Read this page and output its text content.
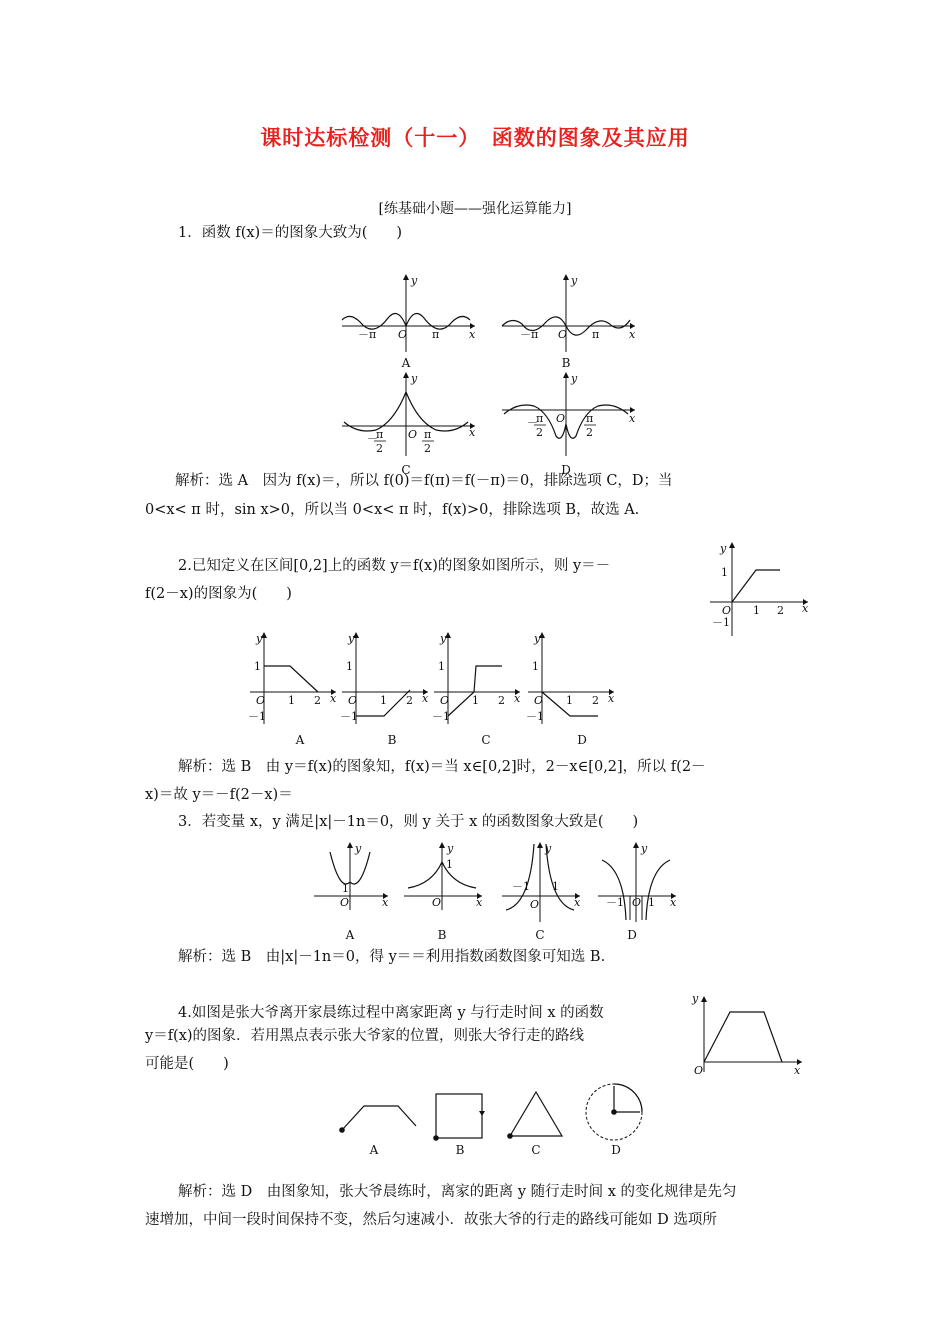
课时达标检测（十一）　函数的图象及其应用
[练基础小题——强化运算能力]
1．函数 f(x)＝的图象大致为(　　)
y
x
O
－π	π
A
y
x
O
－π	π
B
y
x
O
π
－
2
π
2
C
y
x
O
π
－
2
π
2
D
解析：选 A　因为 f(x)＝，所以 f(0)＝f(π)＝f(－π)＝0，排除选项 C，D；当
0<x< π 时，sin x>0，所以当 0<x< π 时，f(x)>0，排除选项 B，故选 A.
2.已知定义在区间[0,2]上的函数 y＝f(x)的图象如图所示，则 y＝－
f(2－x)的图象为(　　)
y
x
O
1
1 2
－1
y
x
O
1
1 2
－1
A
y
x
O
1
1 2
－1
B
y
x
O
1
1 2
－1
C
y
x
O
1
1 2
－1
D
解析：选 B　由 y＝f(x)的图象知，f(x)＝当 x∈[0,2]时，2－x∈[0,2]，所以 f(2－
x)＝故 y＝－f(2－x)＝
3．若变量 x，y 满足|x|－1n＝0，则 y 关于 x 的函数图象大致是(　　)
y
x
O
1
A
y
x
O
1
B
y
x
O
－1 1
C
y
x
O
－1 1
D
解析：选 B　由|x|－1n＝0，得 y＝＝利用指数函数图象可知选 B.
4.如图是张大爷离开家晨练过程中离家距离 y 与行走时间 x 的函数
y＝f(x)的图象．若用黑点表示张大爷家的位置，则张大爷行走的路线
可能是(　　)
y
x
O
A	B	C	D
解析：选 D　由图象知，张大爷晨练时，离家的距离 y 随行走时间 x 的变化规律是先匀
速增加，中间一段时间保持不变，然后匀速减小．故张大爷的行走的路线可能如 D 选项所
